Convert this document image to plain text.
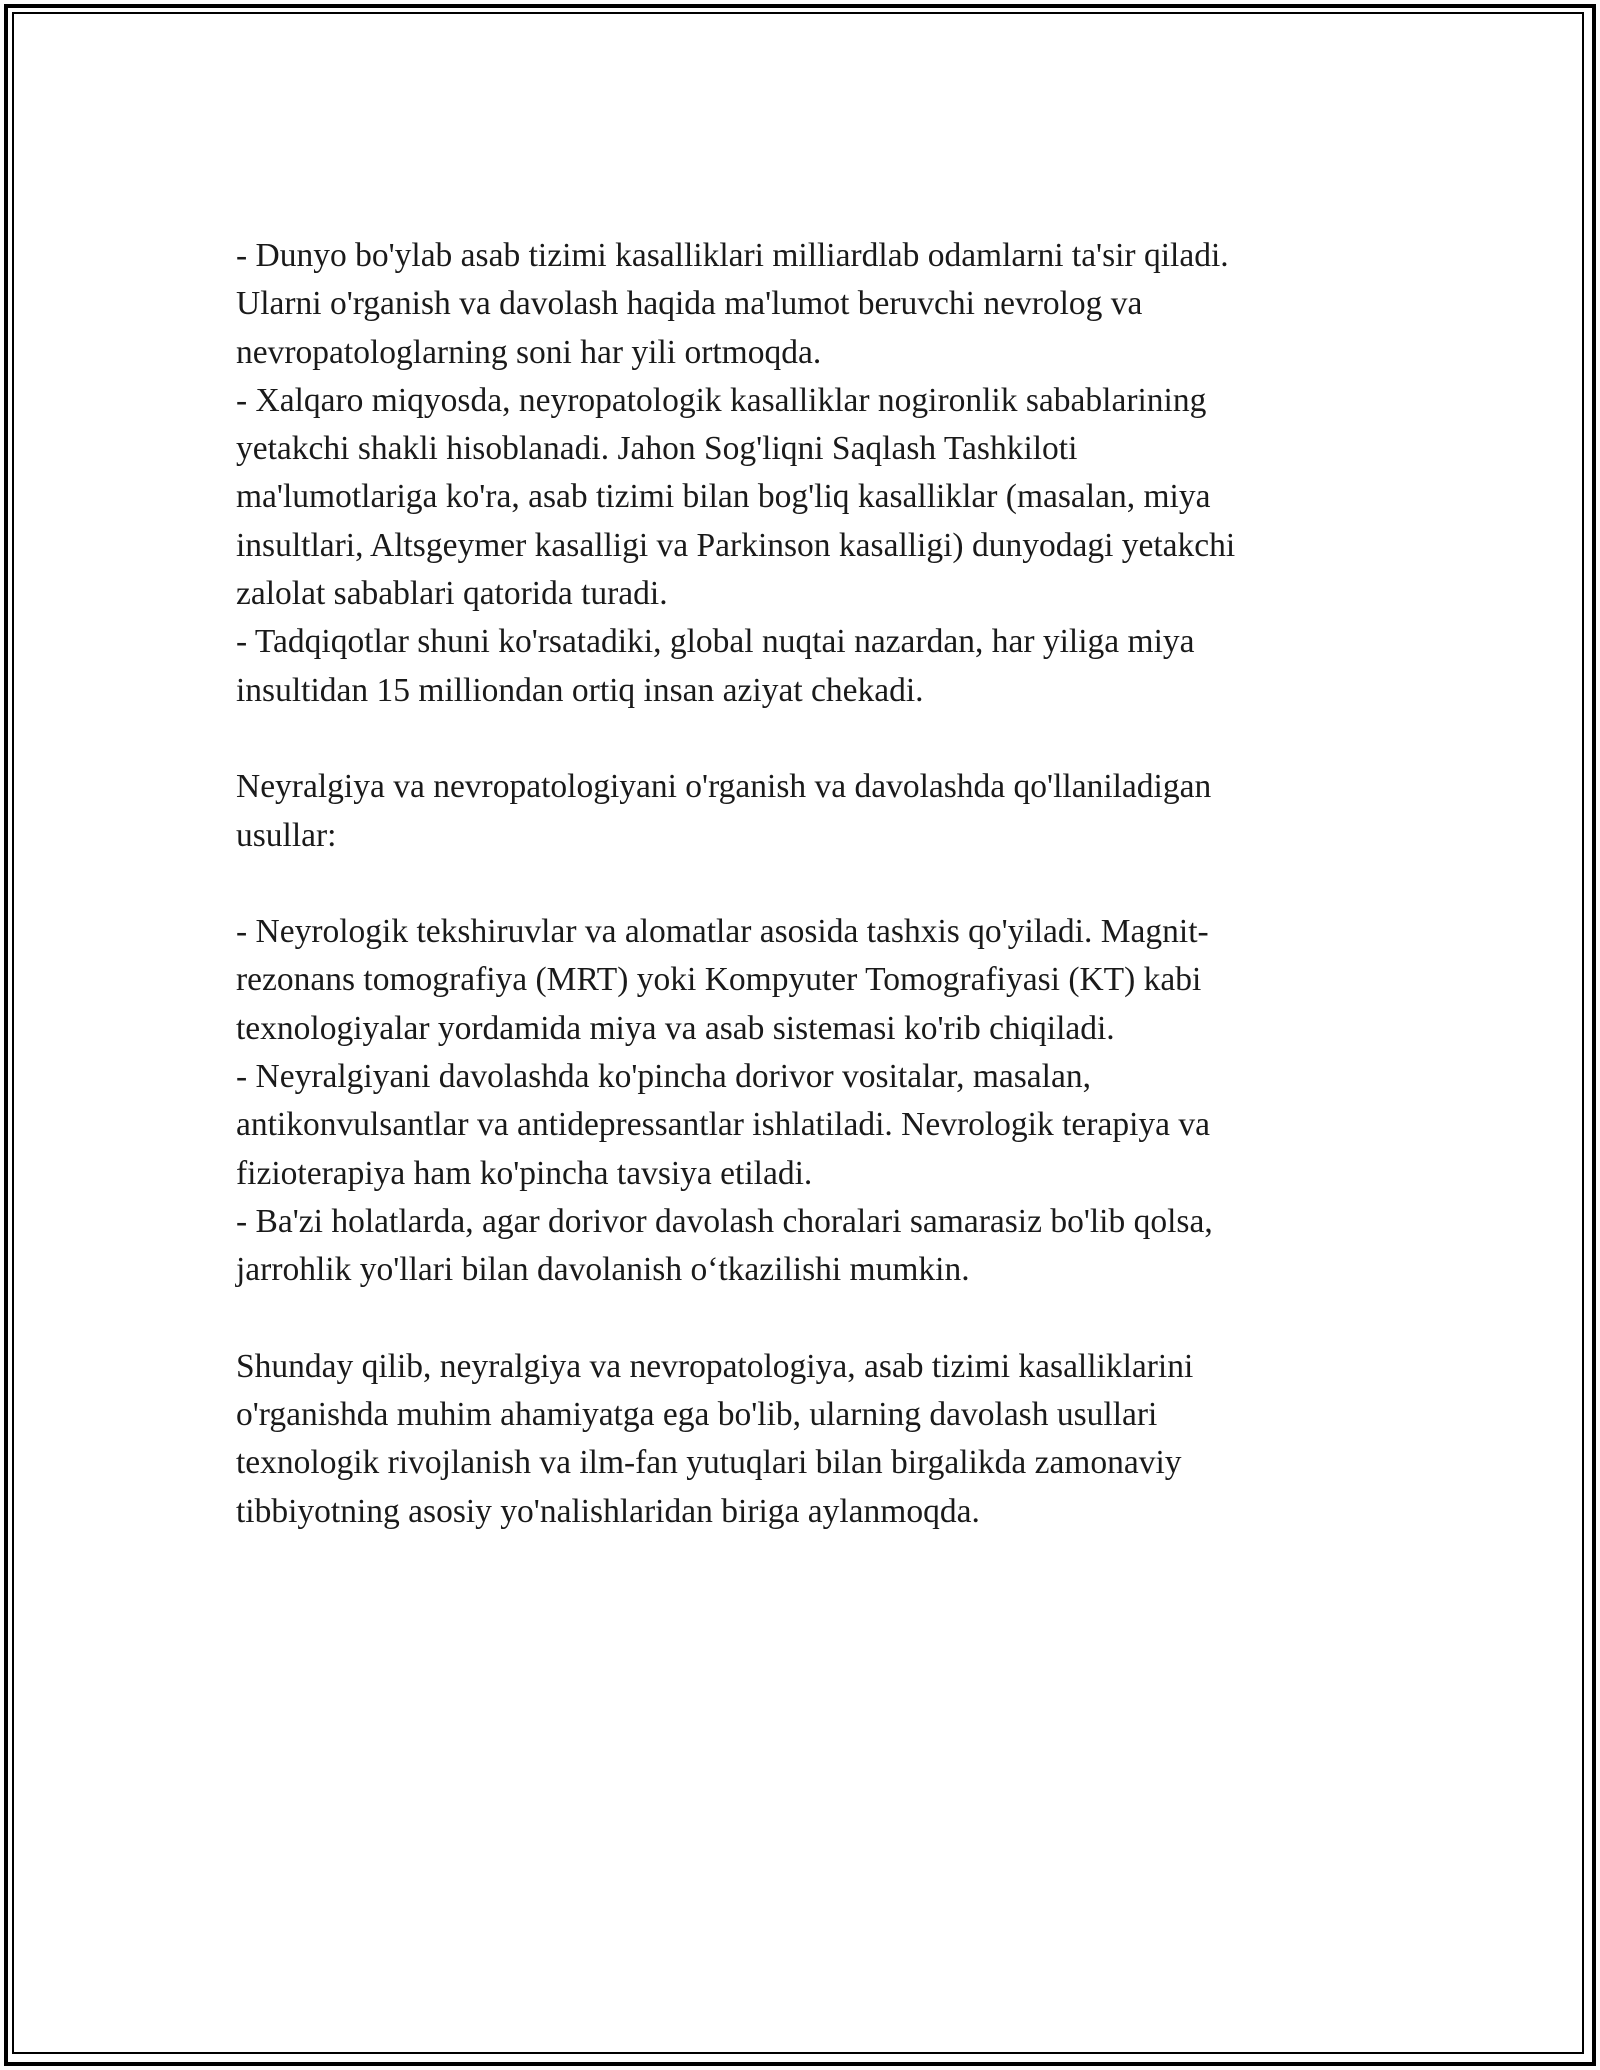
- Dunyo bo'ylab asab tizimi kasalliklari milliardlab odamlarni ta'sir qiladi.
Ularni o'rganish va davolash haqida ma'lumot beruvchi nevrolog va
nevropatologlarning soni har yili ortmoqda.
- Xalqaro miqyosda, neyropatologik kasalliklar nogironlik sabablarining
yetakchi shakli hisoblanadi. Jahon Sog'liqni Saqlash Tashkiloti
ma'lumotlariga ko'ra, asab tizimi bilan bog'liq kasalliklar (masalan, miya
insultlari, Altsgeymer kasalligi va Parkinson kasalligi) dunyodagi yetakchi
zalolat sabablari qatorida turadi.
- Tadqiqotlar shuni ko'rsatadiki, global nuqtai nazardan, har yiliga miya
insultidan 15 milliondan ortiq insan aziyat chekadi.
Neyralgiya va nevropatologiyani o'rganish va davolashda qo'llaniladigan
usullar:
- Neyrologik tekshiruvlar va alomatlar asosida tashxis qo'yiladi. Magnit-
rezonans tomografiya (MRT) yoki Kompyuter Tomografiyasi (KT) kabi
texnologiyalar yordamida miya va asab sistemasi ko'rib chiqiladi.
- Neyralgiyani davolashda ko'pincha dorivor vositalar, masalan,
antikonvulsantlar va antidepressantlar ishlatiladi. Nevrologik terapiya va
fizioterapiya ham ko'pincha tavsiya etiladi.
- Ba'zi holatlarda, agar dorivor davolash choralari samarasiz bo'lib qolsa,
jarrohlik yo'llari bilan davolanish o‘tkazilishi mumkin.
Shunday qilib, neyralgiya va nevropatologiya, asab tizimi kasalliklarini
o'rganishda muhim ahamiyatga ega bo'lib, ularning davolash usullari
texnologik rivojlanish va ilm-fan yutuqlari bilan birgalikda zamonaviy
tibbiyotning asosiy yo'nalishlaridan biriga aylanmoqda.
